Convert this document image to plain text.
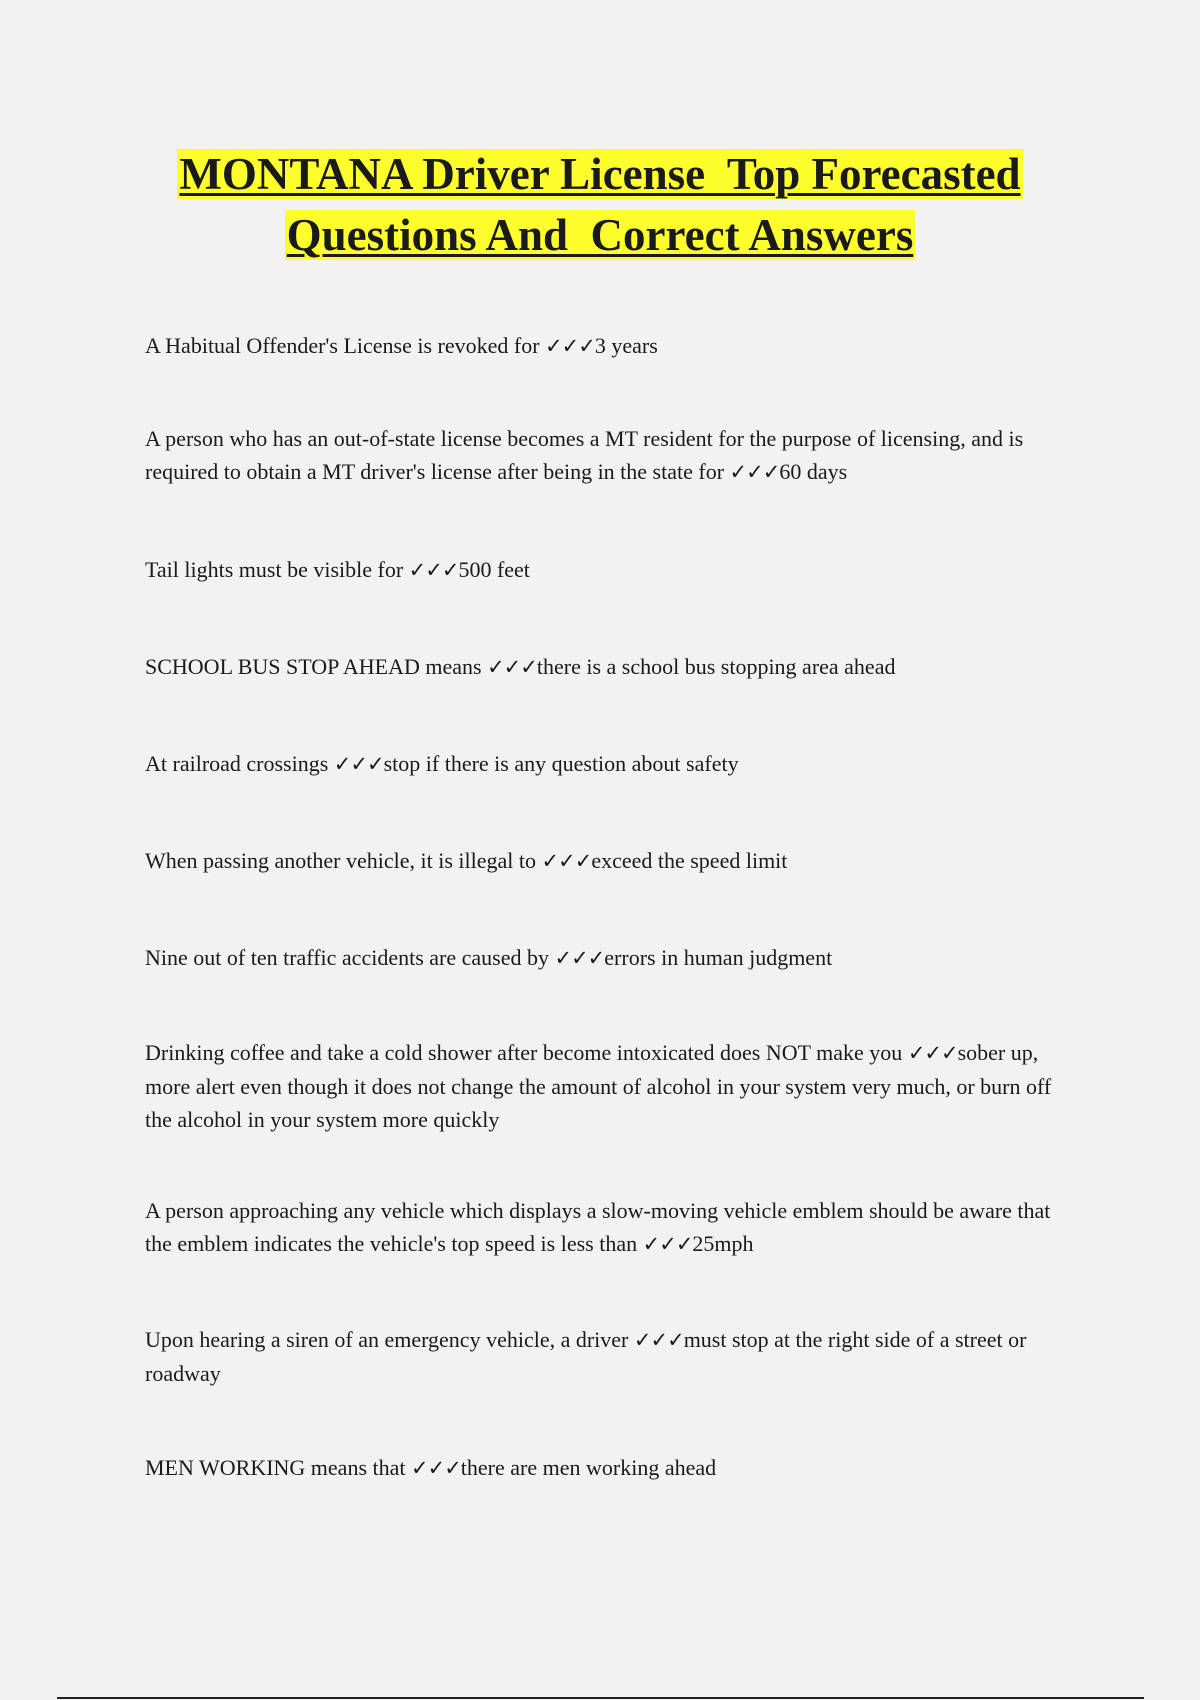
MONTANA Driver License  Top Forecasted
Questions And  Correct Answers

A Habitual Offender's License is revoked for ✓✓✓3 years

A person who has an out-of-state license becomes a MT resident for the purpose of licensing, and is required to obtain a MT driver's license after being in the state for ✓✓✓60 days

Tail lights must be visible for ✓✓✓500 feet

SCHOOL BUS STOP AHEAD means ✓✓✓there is a school bus stopping area ahead

At railroad crossings ✓✓✓stop if there is any question about safety

When passing another vehicle, it is illegal to ✓✓✓exceed the speed limit

Nine out of ten traffic accidents are caused by ✓✓✓errors in human judgment

Drinking coffee and take a cold shower after become intoxicated does NOT make you ✓✓✓sober up, more alert even though it does not change the amount of alcohol in your system very much, or burn off the alcohol in your system more quickly

A person approaching any vehicle which displays a slow-moving vehicle emblem should be aware that the emblem indicates the vehicle's top speed is less than ✓✓✓25mph

Upon hearing a siren of an emergency vehicle, a driver ✓✓✓must stop at the right side of a street or roadway

MEN WORKING means that ✓✓✓there are men working ahead
